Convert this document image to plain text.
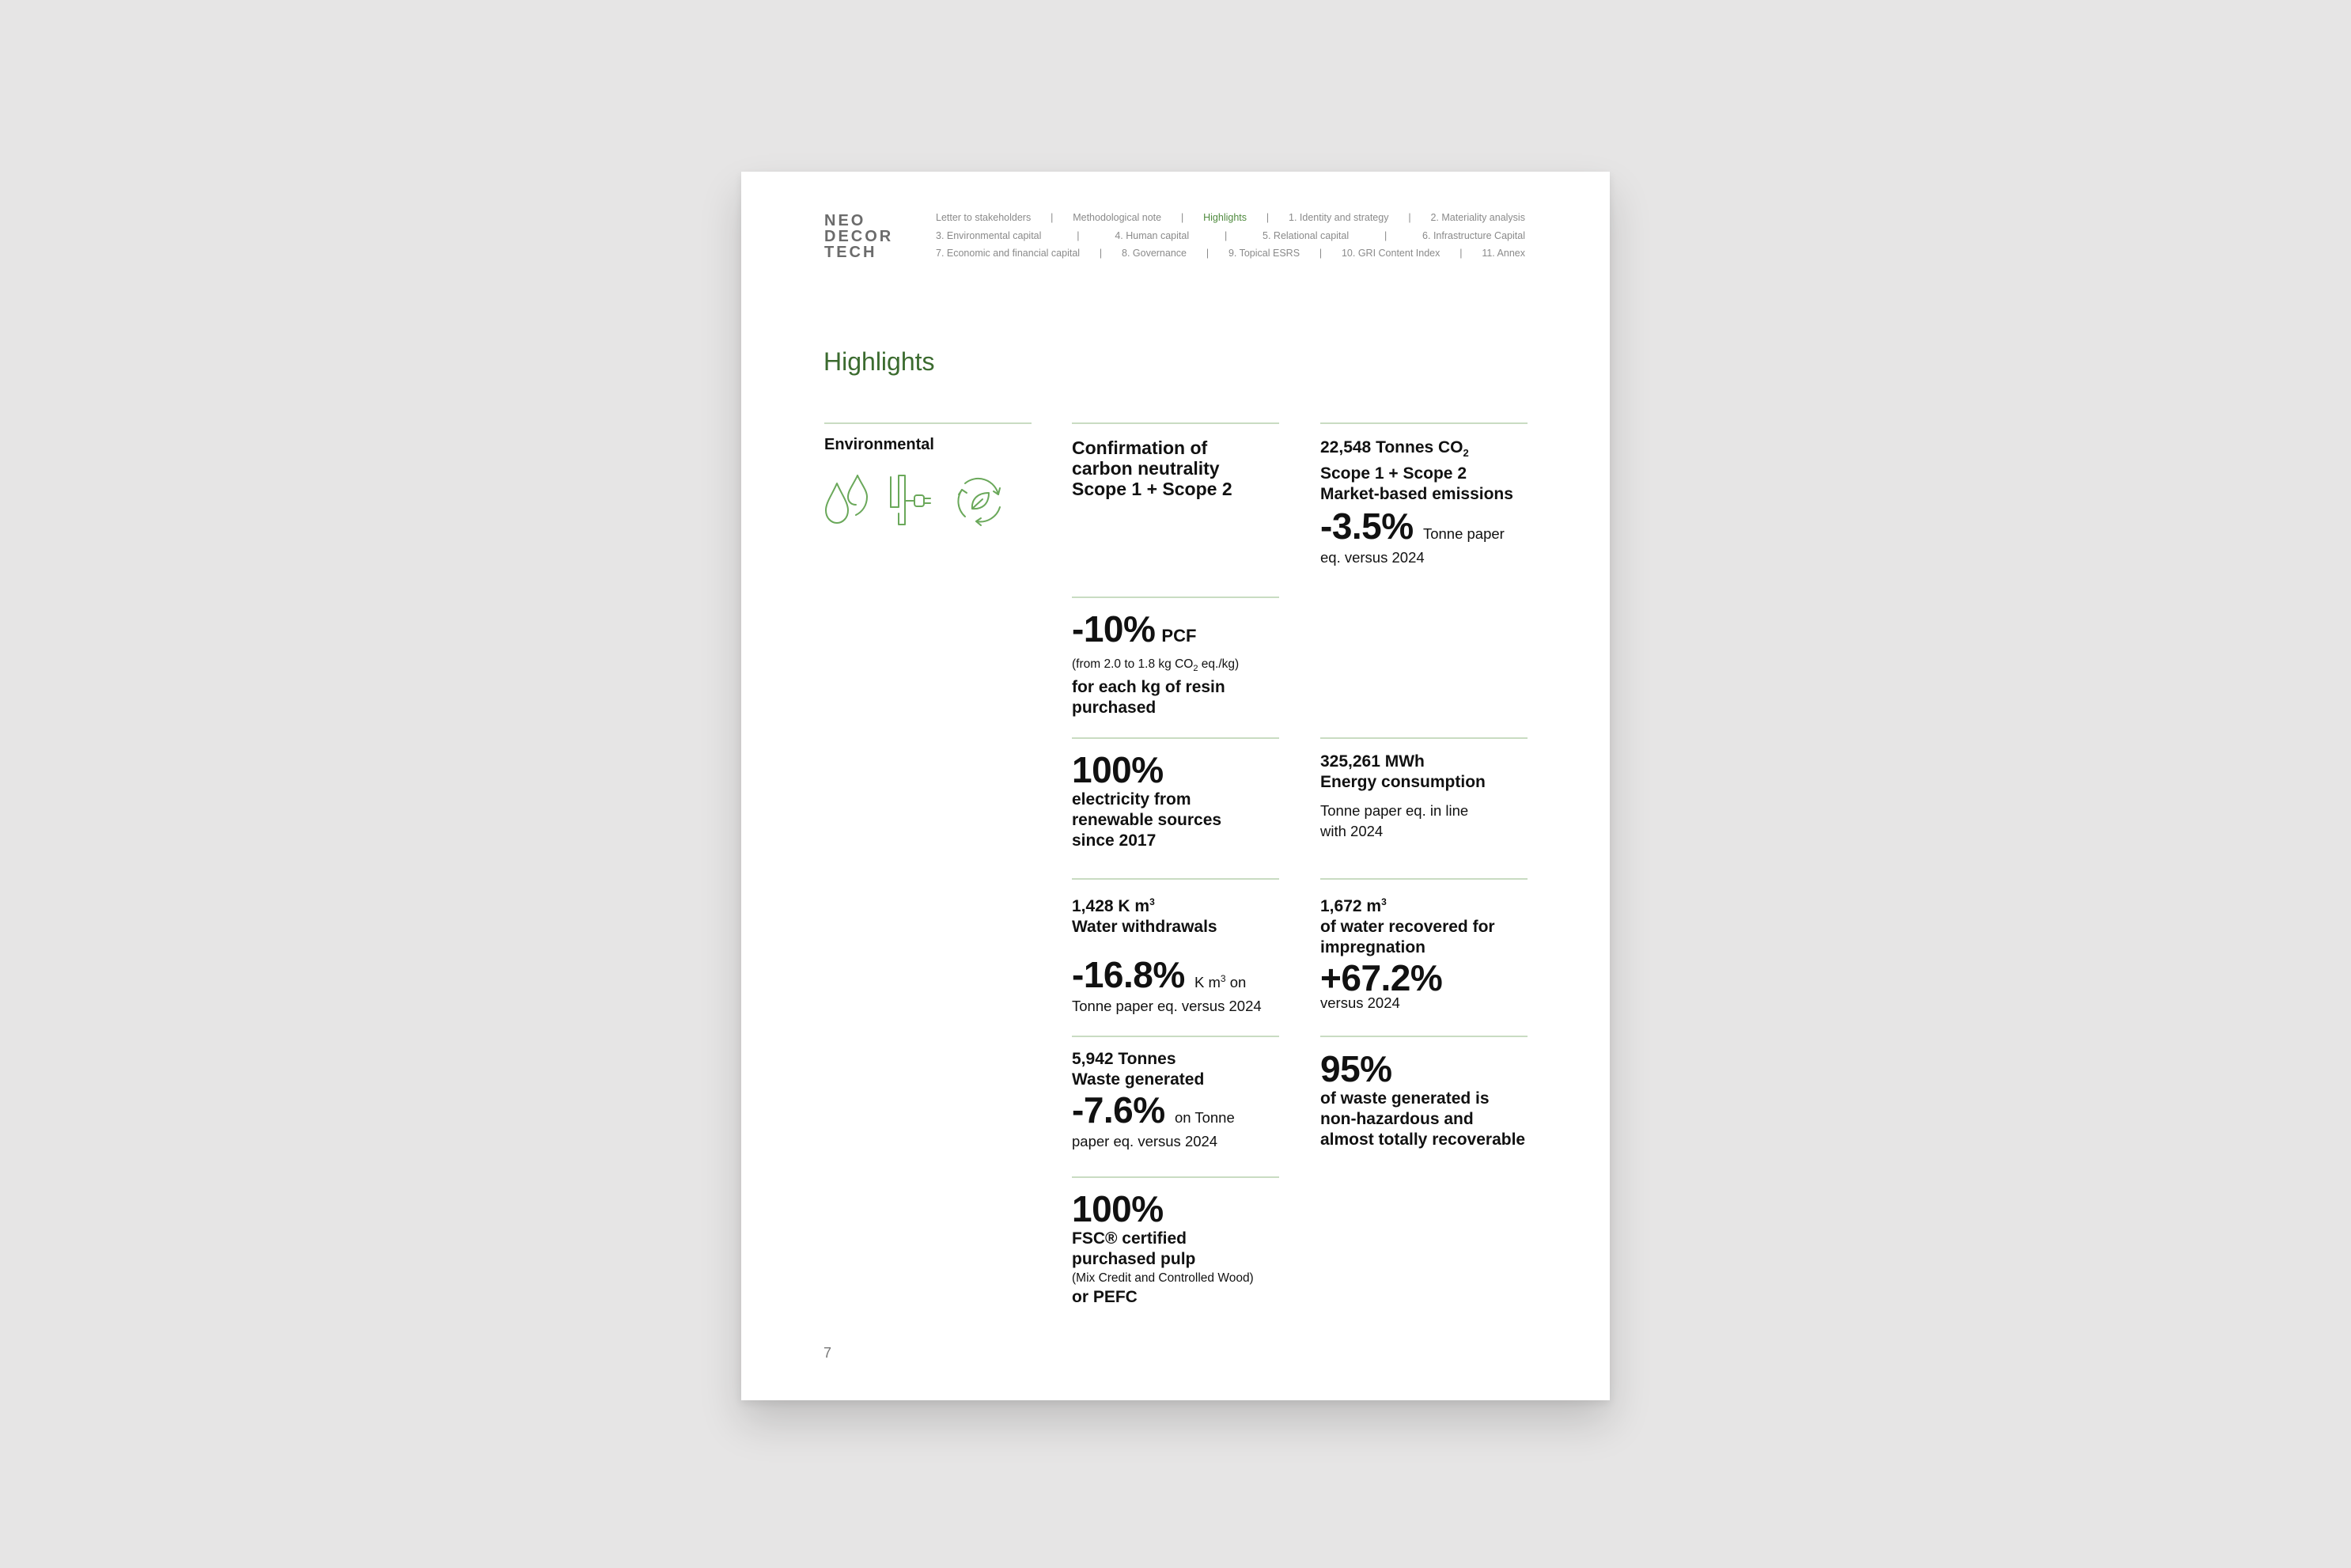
NEO
DECOR
TECH
Letter to stakeholders | Methodological note | Highlights | 1. Identity and strategy | 2. Materiality analysis
3. Environmental capital	|	4. Human capital	|	5. Relational capital	|	6. Infrastructure Capital
7. Economic and financial capital | 8. Governance | 9. Topical ESRS | 10. GRI Content Index | 11. Annex
Highlights
Environmental	Confirmation of
carbon neutrality
Scope 1 + Scope 2
22,548 Tonnes $CO_2$
Scope 1 + Scope 2
Market-based emissions
-3.5% Tonne paper
eq. versus 2024
-10% PCF
(from 2.0 to 1.8 kg $CO_2$ eq./kg)
for each kg of resin
purchased
100%
electricity from
renewable sources
since 2017
325,261 MWh
Energy consumption
Tonne paper eq. in line
with 2024
1,428 K $m^3$
Water withdrawals
-16.8% K $m^3$ on
Tonne paper eq. versus 2024
1,672 $m^3$
of water recovered for
impregnation
+67.2%
versus 2024
5,942 Tonnes
Waste generated
-7.6% on Tonne
paper eq. versus 2024
95%
of waste generated is
non-hazardous and
almost totally recoverable
100%
FSC® certified
purchased pulp
(Mix Credit and Controlled Wood)
or PEFC
7
